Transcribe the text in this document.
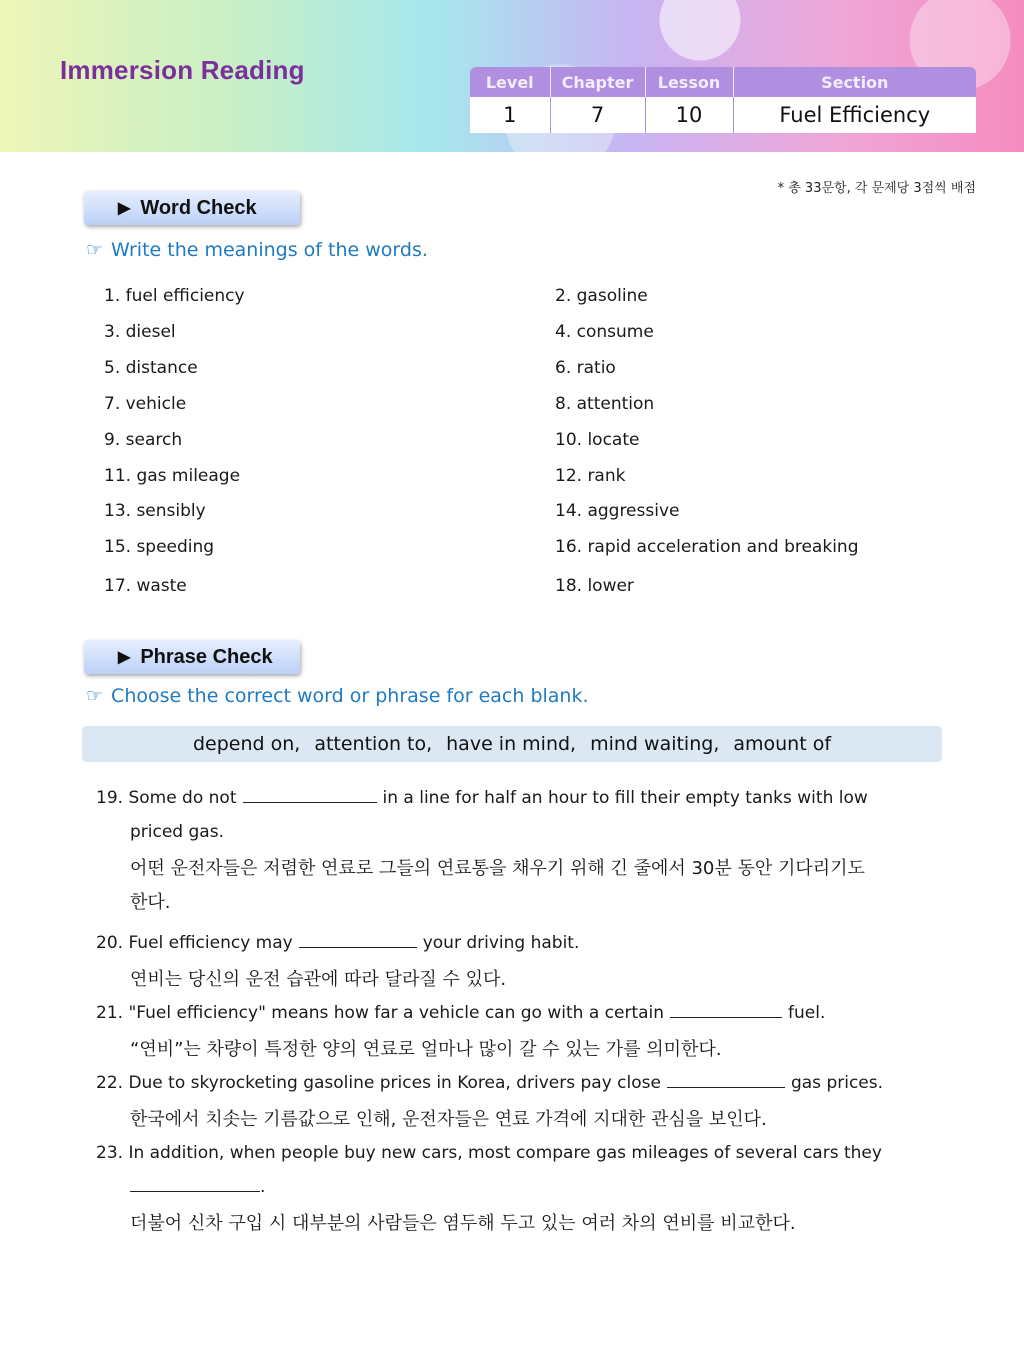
Immersion Reading	Level	Chapter	Lesson	Section
1	7	10	Fuel Efficiency
* 총 33문항, 각 문제당 3점씩 배점
▶ Word Check
☞ Write the meanings of the words.
1. fuel efficiency	2. gasoline
3. diesel	4. consume
5. distance	6. ratio
7. vehicle	8. attention
9. search	10. locate
11. gas mileage	12. rank
13. sensibly	14. aggressive
15. speeding	16. rapid acceleration and breaking
17. waste	18. lower
▶ Phrase Check
☞ Choose the correct word or phrase for each blank.
depend on, attention to, have in mind, mind waiting, amount of
19. Some do not	in a line for half an hour to fill their empty tanks with low
priced gas.
어떤 운전자들은 저렴한 연료로 그들의 연료통을 채우기 위해 긴 줄에서 30분 동안 기다리기도
한다.
20. Fuel efficiency may	your driving habit.
연비는 당신의 운전 습관에 따라 달라질 수 있다.
21. "Fuel efficiency" means how far a vehicle can go with a certain	fuel.
“연비”는 차량이 특정한 양의 연료로 얼마나 많이 갈 수 있는 가를 의미한다.
22. Due to skyrocketing gasoline prices in Korea, drivers pay close	gas prices.
한국에서 치솟는 기름값으로 인해, 운전자들은 연료 가격에 지대한 관심을 보인다.
23. In addition, when people buy new cars, most compare gas mileages of several cars they
.
더불어 신차 구입 시 대부분의 사람들은 염두해 두고 있는 여러 차의 연비를 비교한다.
